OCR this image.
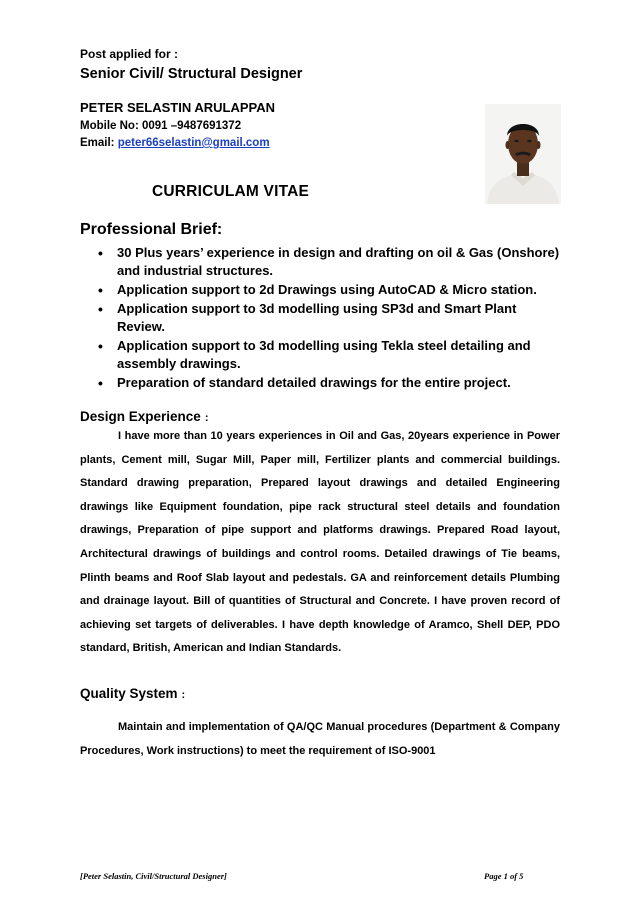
Post applied for :
Senior Civil/ Structural Designer
PETER SELASTIN ARULAPPAN
Mobile No: 0091 –9487691372
Email: peter66selastin@gmail.com
CURRICULAM VITAE
Professional Brief:
• 30 Plus years’ experience in design and drafting on oil & Gas (Onshore) and industrial structures.
• Application support to 2d Drawings using AutoCAD & Micro station.
• Application support to 3d modelling using SP3d and Smart Plant Review.
• Application support to 3d modelling using Tekla steel detailing and assembly drawings.
• Preparation of standard detailed drawings for the entire project.
Design Experience :
I have more than 10 years experiences in Oil and Gas, 20years experience in Power plants, Cement mill, Sugar Mill, Paper mill, Fertilizer plants and commercial buildings. Standard drawing preparation, Prepared layout drawings and detailed Engineering drawings like Equipment foundation, pipe rack structural steel details and foundation drawings, Preparation of pipe support and platforms drawings. Prepared Road layout, Architectural drawings of buildings and control rooms. Detailed drawings of Tie beams, Plinth beams and Roof Slab layout and pedestals. GA and reinforcement details Plumbing and drainage layout. Bill of quantities of Structural and Concrete. I have proven record of achieving set targets of deliverables. I have depth knowledge of Aramco, Shell DEP, PDO standard, British, American and Indian Standards.
Quality System :
Maintain and implementation of QA/QC Manual procedures (Department & Company Procedures, Work instructions) to meet the requirement of ISO-9001
[Peter Selastin, Civil/Structural Designer]	Page 1 of 5
